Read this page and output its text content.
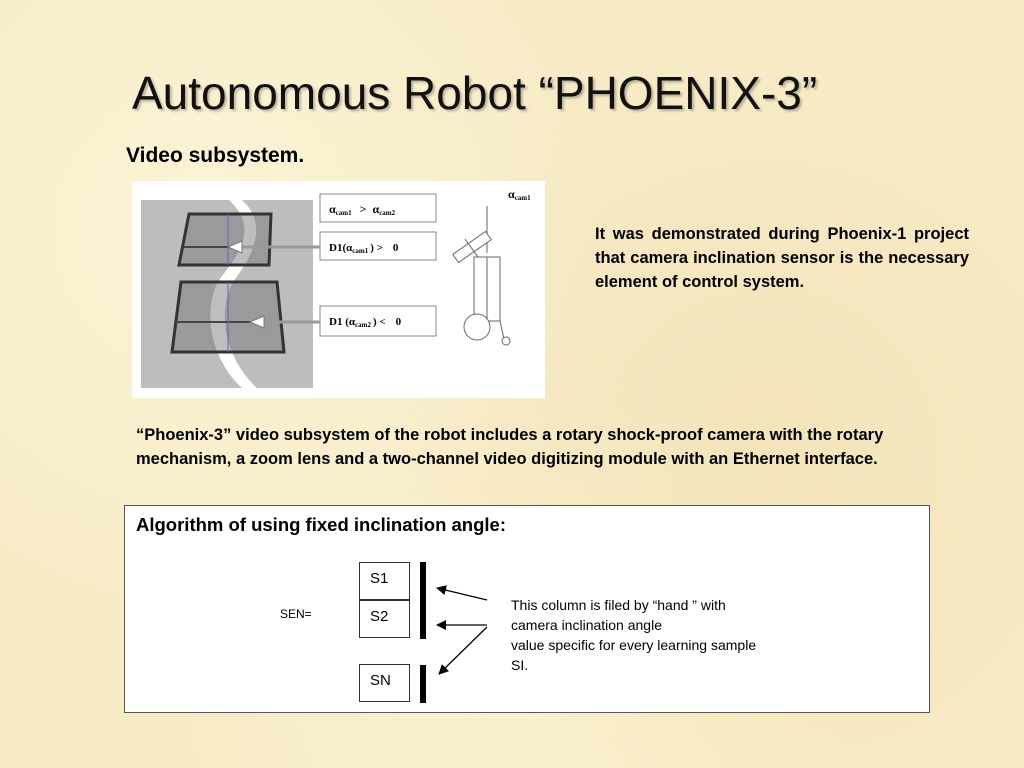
Autonomous Robot “PHOENIX-3”
Video subsystem.
αcam1 > αcam2
D1(αcam1 ) > 0
D1 (αcam2 ) < 0
αcam1
It was demonstrated during Phoenix-1 project that camera inclination sensor is the necessary element of control system.
“Phoenix-3” video subsystem of the robot includes a rotary shock-proof camera with the rotary mechanism, a zoom lens and a two-channel video digitizing module with an Ethernet interface.
Algorithm of using fixed inclination angle:
SEN=
S1
S2
SN
This column is filed by “hand ” with
camera inclination angle
value specific for every learning sample
SI.
